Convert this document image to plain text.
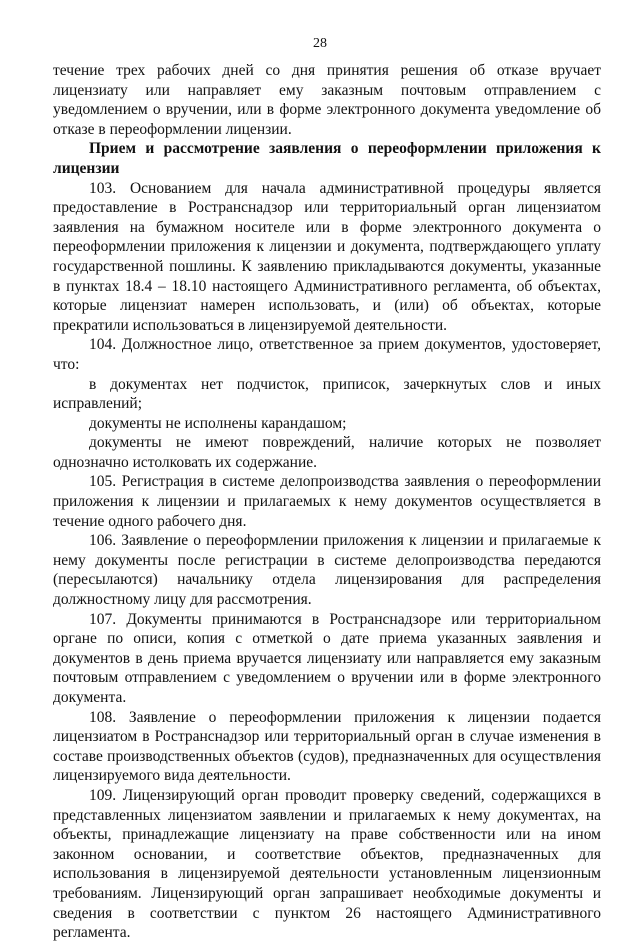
28

течение трех рабочих дней со дня принятия решения об отказе вручает лицензиату или направляет ему заказным почтовым отправлением с уведомлением о вручении, или в форме электронного документа уведомление об отказе в переоформлении лицензии.

Прием и рассмотрение заявления о переоформлении приложения к лицензии

103. Основанием для начала административной процедуры является предоставление в Ространснадзор или территориальный орган лицензиатом заявления на бумажном носителе или в форме электронного документа о переоформлении приложения к лицензии и документа, подтверждающего уплату государственной пошлины. К заявлению прикладываются документы, указанные в пунктах 18.4 – 18.10 настоящего Административного регламента, об объектах, которые лицензиат намерен использовать, и (или) об объектах, которые прекратили использоваться в лицензируемой деятельности.

104. Должностное лицо, ответственное за прием документов, удостоверяет, что:

в документах нет подчисток, приписок, зачеркнутых слов и иных исправлений;

документы не исполнены карандашом;

документы не имеют повреждений, наличие которых не позволяет однозначно истолковать их содержание.

105. Регистрация в системе делопроизводства заявления о переоформлении приложения к лицензии и прилагаемых к нему документов осуществляется в течение одного рабочего дня.

106. Заявление о переоформлении приложения к лицензии и прилагаемые к нему документы после регистрации в системе делопроизводства передаются (пересылаются) начальнику отдела лицензирования для распределения должностному лицу для рассмотрения.

107. Документы принимаются в Ространснадзоре или территориальном органе по описи, копия с отметкой о дате приема указанных заявления и документов в день приема вручается лицензиату или направляется ему заказным почтовым отправлением с уведомлением о вручении или в форме электронного документа.

108. Заявление о переоформлении приложения к лицензии подается лицензиатом в Ространснадзор или территориальный орган в случае изменения в составе производственных объектов (судов), предназначенных для осуществления лицензируемого вида деятельности.

109. Лицензирующий орган проводит проверку сведений, содержащихся в представленных лицензиатом заявлении и прилагаемых к нему документах, на объекты, принадлежащие лицензиату на праве собственности или на ином законном основании, и соответствие объектов, предназначенных для использования в лицензируемой деятельности установленным лицензионным требованиям. Лицензирующий орган запрашивает необходимые документы и сведения в соответствии с пунктом 26 настоящего Административного регламента.
